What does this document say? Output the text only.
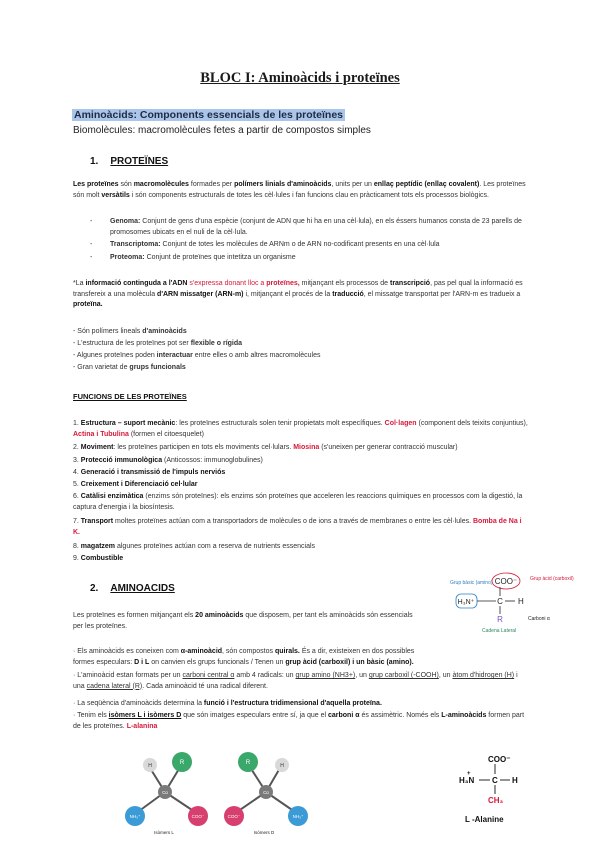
BLOC I: Aminoàcids i proteïnes
Aminoàcids: Components essencials de les proteïnes
Biomolècules: macromolècules fetes a partir de compostos simples
1. PROTEÏNES
Les proteïnes són macromolècules formades per polímers linials d'aminoàcids, units per un enllaç peptídic (enllaç covalent). Les proteïnes són molt versàtils i són components estructurals de totes les cèl·lules i fan funcions clau en pràcticament tots els processos biològics.
-	Genoma: Conjunt de gens d'una espècie (conjunt de ADN que hi ha en una cèl·lula), en els éssers humanos consta de 23 parells de promosomes ubicats en el nuli de la cèl·lula.
-	Transcriptoma: Conjunt de totes les molècules de ARNm o de ARN no-codificant presents en una cèl·lula
-	Proteoma: Conjunt de proteïnes que intetitza un organisme
*La informació continguda a l'ADN s'expressa donant lloc a proteïnes, mitjançant els processos de transcripció, pas pel qual la informació es transfereix a una molècula d'ARN missatger (ARN-m) i, mitjançant el procés de la traducció, el missatge transportat per l'ARN-m es tradueix a proteïna.
- Són polímers lineals d'aminoàcids
- L'estructura de les proteïnes pot ser flexible o rígida
- Algunes proteïnes poden interactuar entre elles o amb altres macromolècules
- Gran varietat de grups funcionals
FUNCIONS DE LES PROTEÏNES
1. Estructura – suport mecànic: les proteïnes estructurals solen tenir propietats molt específiques. Col·lagen (component dels teixits conjuntius), Actina i Tubulina (formen el citoesquelet)
2. Moviment: les proteïnes participen en tots els moviments cel·lulars. Miosina (s'uneixen per generar contracció muscular)
3. Protecció immunològica (Anticossos: immunoglobulines)
4. Generació i transmissió de l'impuls nerviós
5. Creixement i Diferenciació cel·lular
6. Catàlisi enzimàtica (enzims són proteïnes): els enzims són proteïnes que acceleren les reaccions químiques en processos com la digestió, la captura d'energia i la biosíntesis.
7. Transport moltes proteïnes actúan com a transportadors de molècules o de ions a través de membranes o entre les cèl·lules. Bomba de Na i K.
8. magatzem algunes proteïnes actúan com a reserva de nutrients essencials
9. Combustible
2. AMINOACIDS	Grup bàsic (amino)
Grup àcid (carboxil)
COO⁻
H₃N⁺	C H
R	Carboni α
Cadena Lateral
Les proteïnes es formen mitjançant els 20 aminoàcids que disposem, per tant els aminoàcids són essencials per les proteïnes.
· Els aminoàcids es coneixen com α-aminoàcid, són compostos quirals. És a dir, existeixen en dos possibles formes especulars: D i L on canvien els grups funcionals / Tenen un grup àcid (carboxil) i un bàsic (amino).
· L'aminoàcid estan formats per un carboni central α amb 4 radicals: un grup amino (NH3+), un grup carboxil (-COOH), un àtom d'hidrogen (H) i una cadena lateral (R). Cada aminoàcid té una radical diferent.
· La seqüència d'aminoàcids determina la funció i l'estructura tridimensional d'aquella proteïna.
· Tenim els isòmers L i isòmers D que són imatges especulars entre sí, ja que el carboni α és assimètric. Només els L-aminoàcids formen part de les proteïnes. L-alanina
H	R
Cα
NH₃⁺	COO⁻
Isòmers L
H
R
Cα
COO⁻	NH₃⁺
Isòmers D
COO⁻
H₃N
+
C H
CH₃
L -Alanine
